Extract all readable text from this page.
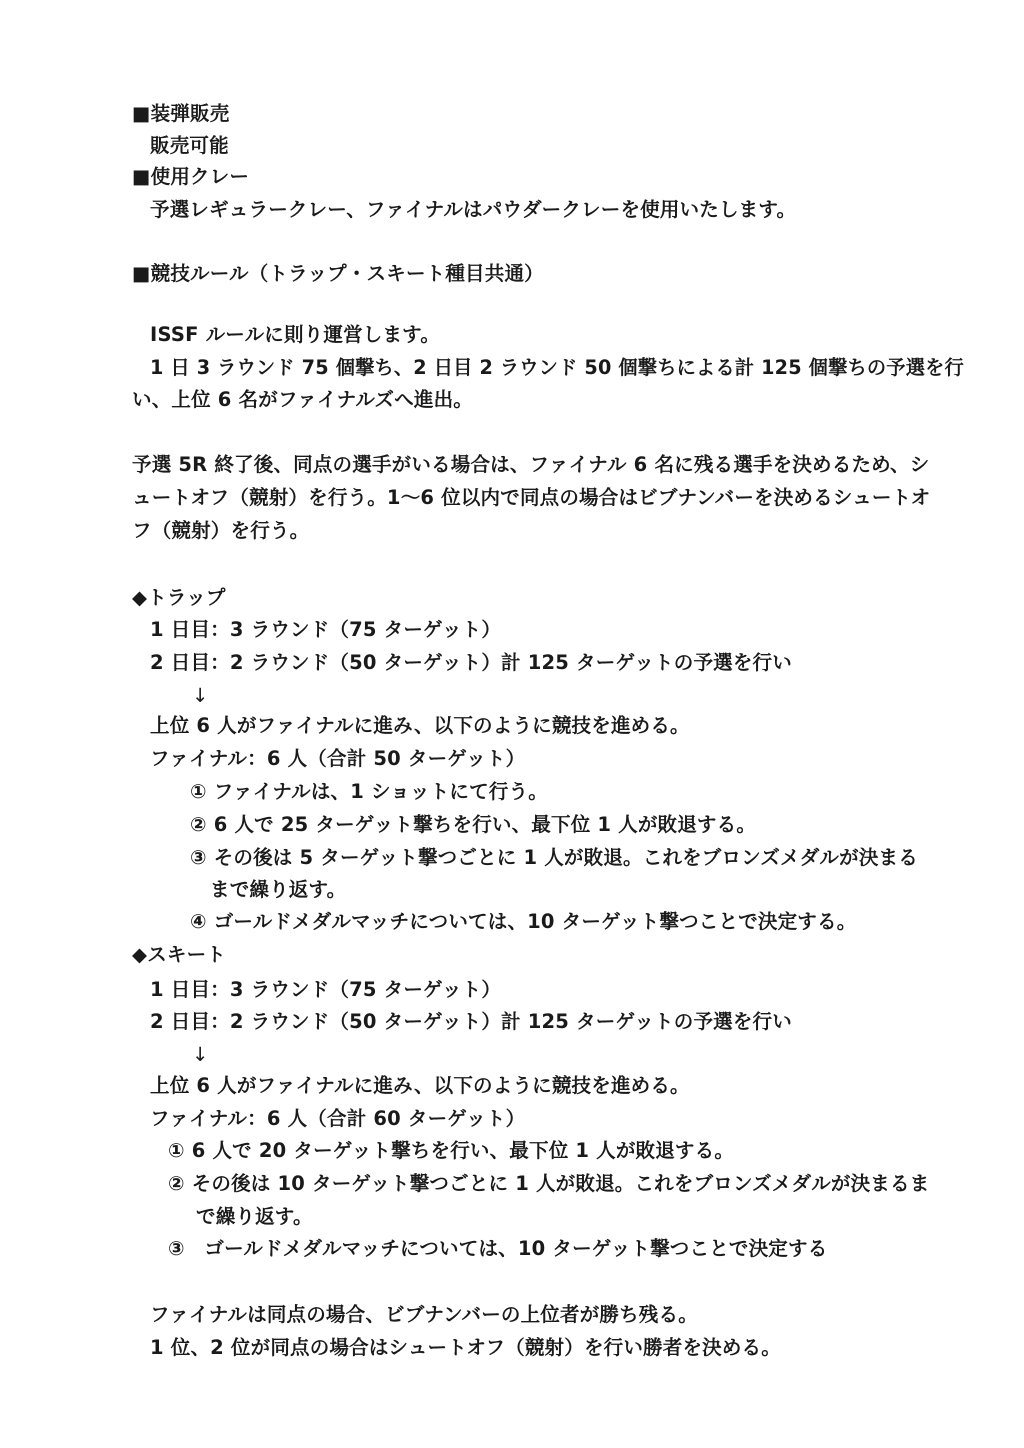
■装弾販売
販売可能
■使用クレー
予選レギュラークレー、ファイナルはパウダークレーを使用いたします。
■競技ルール（トラップ・スキート種目共通）
ISSF ルールに則り運営します。
1 日 3 ラウンド 75 個撃ち、2 日目 2 ラウンド 50 個撃ちによる計 125 個撃ちの予選を行
い、上位 6 名がファイナルズへ進出。
予選 5R 終了後、同点の選手がいる場合は、ファイナル 6 名に残る選手を決めるため、シ
ュートオフ（競射）を行う。1～6 位以内で同点の場合はビブナンバーを決めるシュートオ
フ（競射）を行う。
◆トラップ
1 日目：3 ラウンド（75 ターゲット）
2 日目：2 ラウンド（50 ターゲット）計 125 ターゲットの予選を行い
↓
上位 6 人がファイナルに進み、以下のように競技を進める。
ファイナル：6 人（合計 50 ターゲット）
① ファイナルは、1 ショットにて行う。
② 6 人で 25 ターゲット撃ちを行い、最下位 1 人が敗退する。
③ その後は 5 ターゲット撃つごとに 1 人が敗退。これをブロンズメダルが決まる
まで繰り返す。
④ ゴールドメダルマッチについては、10 ターゲット撃つことで決定する。
◆スキート
1 日目：3 ラウンド（75 ターゲット）
2 日目：2 ラウンド（50 ターゲット）計 125 ターゲットの予選を行い
↓
上位 6 人がファイナルに進み、以下のように競技を進める。
ファイナル：6 人（合計 60 ターゲット）
① 6 人で 20 ターゲット撃ちを行い、最下位 1 人が敗退する。
② その後は 10 ターゲット撃つごとに 1 人が敗退。これをブロンズメダルが決まるま
で繰り返す。
③　ゴールドメダルマッチについては、10 ターゲット撃つことで決定する
ファイナルは同点の場合、ビブナンバーの上位者が勝ち残る。
1 位、2 位が同点の場合はシュートオフ（競射）を行い勝者を決める。
